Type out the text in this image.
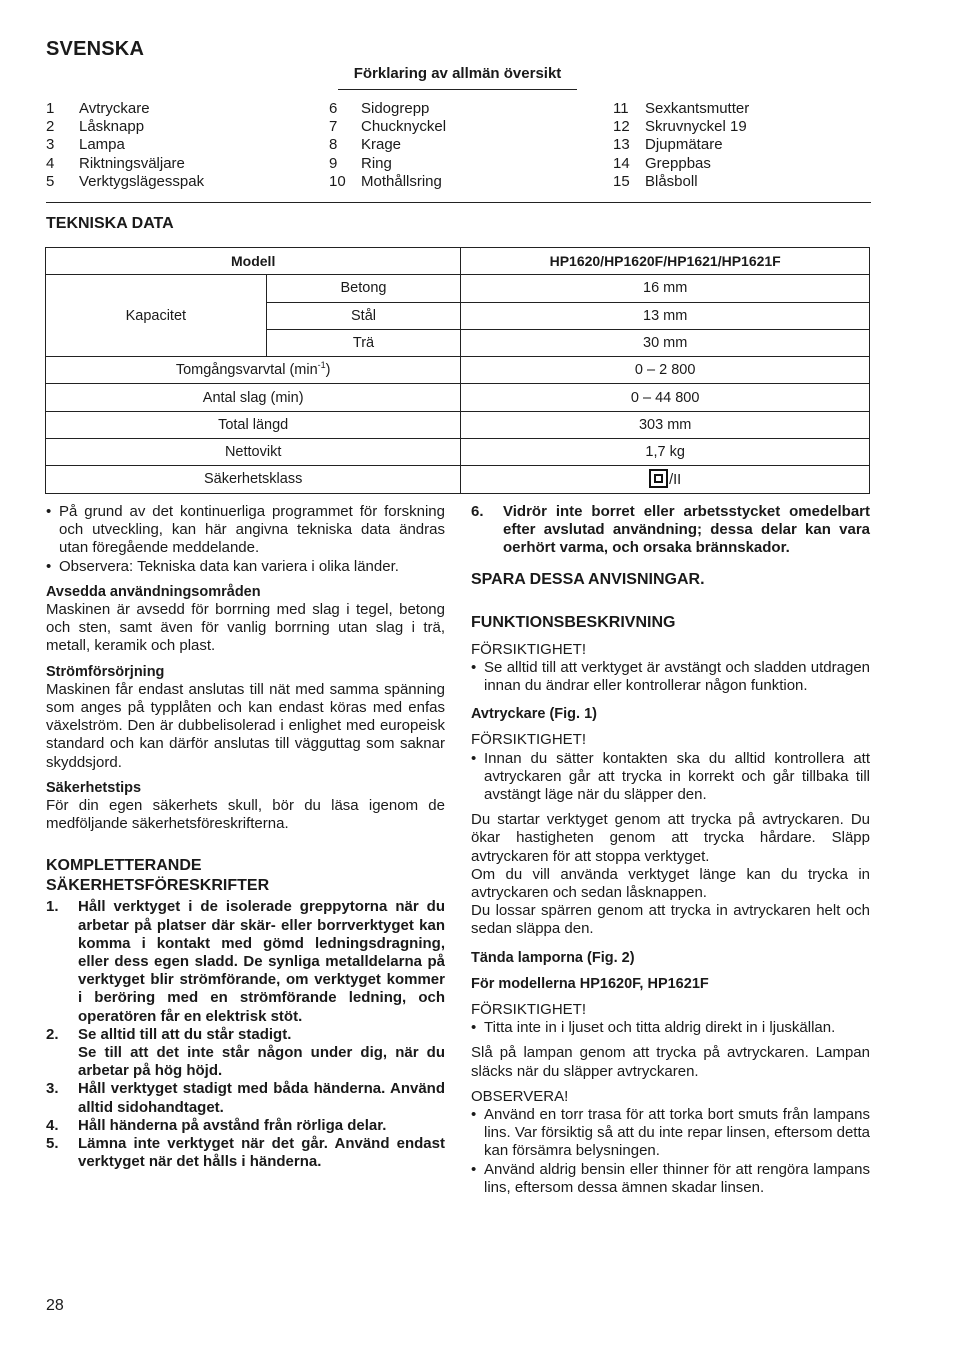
SVENSKA
Förklaring av allmän översikt
1	Avtryckare
2	Låsknapp
3	Lampa
4	Riktningsväljare
5	Verktygslägesspak
6	Sidogrepp
7	Chucknyckel
8	Krage
9	Ring
10	Mothållsring
11	Sexkantsmutter
12	Skruvnyckel 19
13	Djupmätare
14	Greppbas
15	Blåsboll
TEKNISKA DATA
Modell		HP1620/HP1620F/HP1621/HP1621F
Kapacitet	Betong	16 mm
	Stål	13 mm
	Trä	30 mm
Tomgångsvarvtal $(\min^{-1})$		0 – 2 800
Antal slag (min)		0 – 44 800
Total längd		303 mm
Nettovikt		1,7 kg
Säkerhetsklass		/II
• På grund av det kontinuerliga programmet för forskning och utveckling, kan här angivna tekniska data ändras utan föregående meddelande.
• Observera: Tekniska data kan variera i olika länder.
Avsedda användningsområden

Maskinen är avsedd för borrning med slag i tegel, betong och sten, samt även för vanlig borrning utan slag i trä, metall, keramik och plast.

Strömförsörjning

Maskinen får endast anslutas till nät med samma spänning som anges på typplåten och kan endast köras med enfas växelström. Den är dubbelisolerad i enlighet med europeisk standard och kan därför anslutas till vägguttag som saknar skyddsjord.

Säkerhetstips

För din egen säkerhets skull, bör du läsa igenom de medföljande säkerhetsföreskrifterna.

KOMPLETTERANDE
SÄKERHETSFÖRESKRIFTER
1. Håll verktyget i de isolerade greppytorna när du arbetar på platser där skär- eller borrverktyget kan komma i kontakt med gömd ledningsdragning, eller dess egen sladd. De synliga metalldelarna på verktyget blir strömförande, om verktyget kommer i beröring med en strömförande ledning, och operatören får en elektrisk stöt.
2. Se alltid till att du står stadigt.
Se till att det inte står någon under dig, när du arbetar på hög höjd.
3. Håll verktyget stadigt med båda händerna. Använd alltid sidohandtaget.
4. Håll händerna på avstånd från rörliga delar.
5. Lämna inte verktyget när det går. Använd endast verktyget när det hålls i händerna.
6. Vidrör inte borret eller arbetsstycket omedelbart efter avslutad användning; dessa delar kan vara oerhört varma, och orsaka brännskador.
SPARA DESSA ANVISNINGAR.
FUNKTIONSBESKRIVNING

FÖRSIKTIGHET!

• Se alltid till att verktyget är avstängt och sladden utdragen innan du ändrar eller kontrollerar någon funktion.
Avtryckare (Fig. 1)

FÖRSIKTIGHET!

• Innan du sätter kontakten ska du alltid kontrollera att avtryckaren går att trycka in korrekt och går tillbaka till avstängt läge när du släpper den.

Du startar verktyget genom att trycka på avtryckaren. Du ökar hastigheten genom att trycka hårdare. Släpp avtryckaren för att stoppa verktyget.

Om du vill använda verktyget länge kan du trycka in avtryckaren och sedan låsknappen.

Du lossar spärren genom att trycka in avtryckaren helt och sedan släppa den.

Tända lamporna (Fig. 2)
För modellerna HP1620F, HP1621F

FÖRSIKTIGHET!

• Titta inte in i ljuset och titta aldrig direkt in i ljuskällan.

Slå på lampan genom att trycka på avtryckaren. Lampan släcks när du släpper avtryckaren.

OBSERVERA!

• Använd en torr trasa för att torka bort smuts från lampans lins. Var försiktig så att du inte repar linsen, eftersom detta kan försämra belysningen.
• Använd aldrig bensin eller thinner för att rengöra lampans lins, eftersom dessa ämnen skadar linsen.
28
